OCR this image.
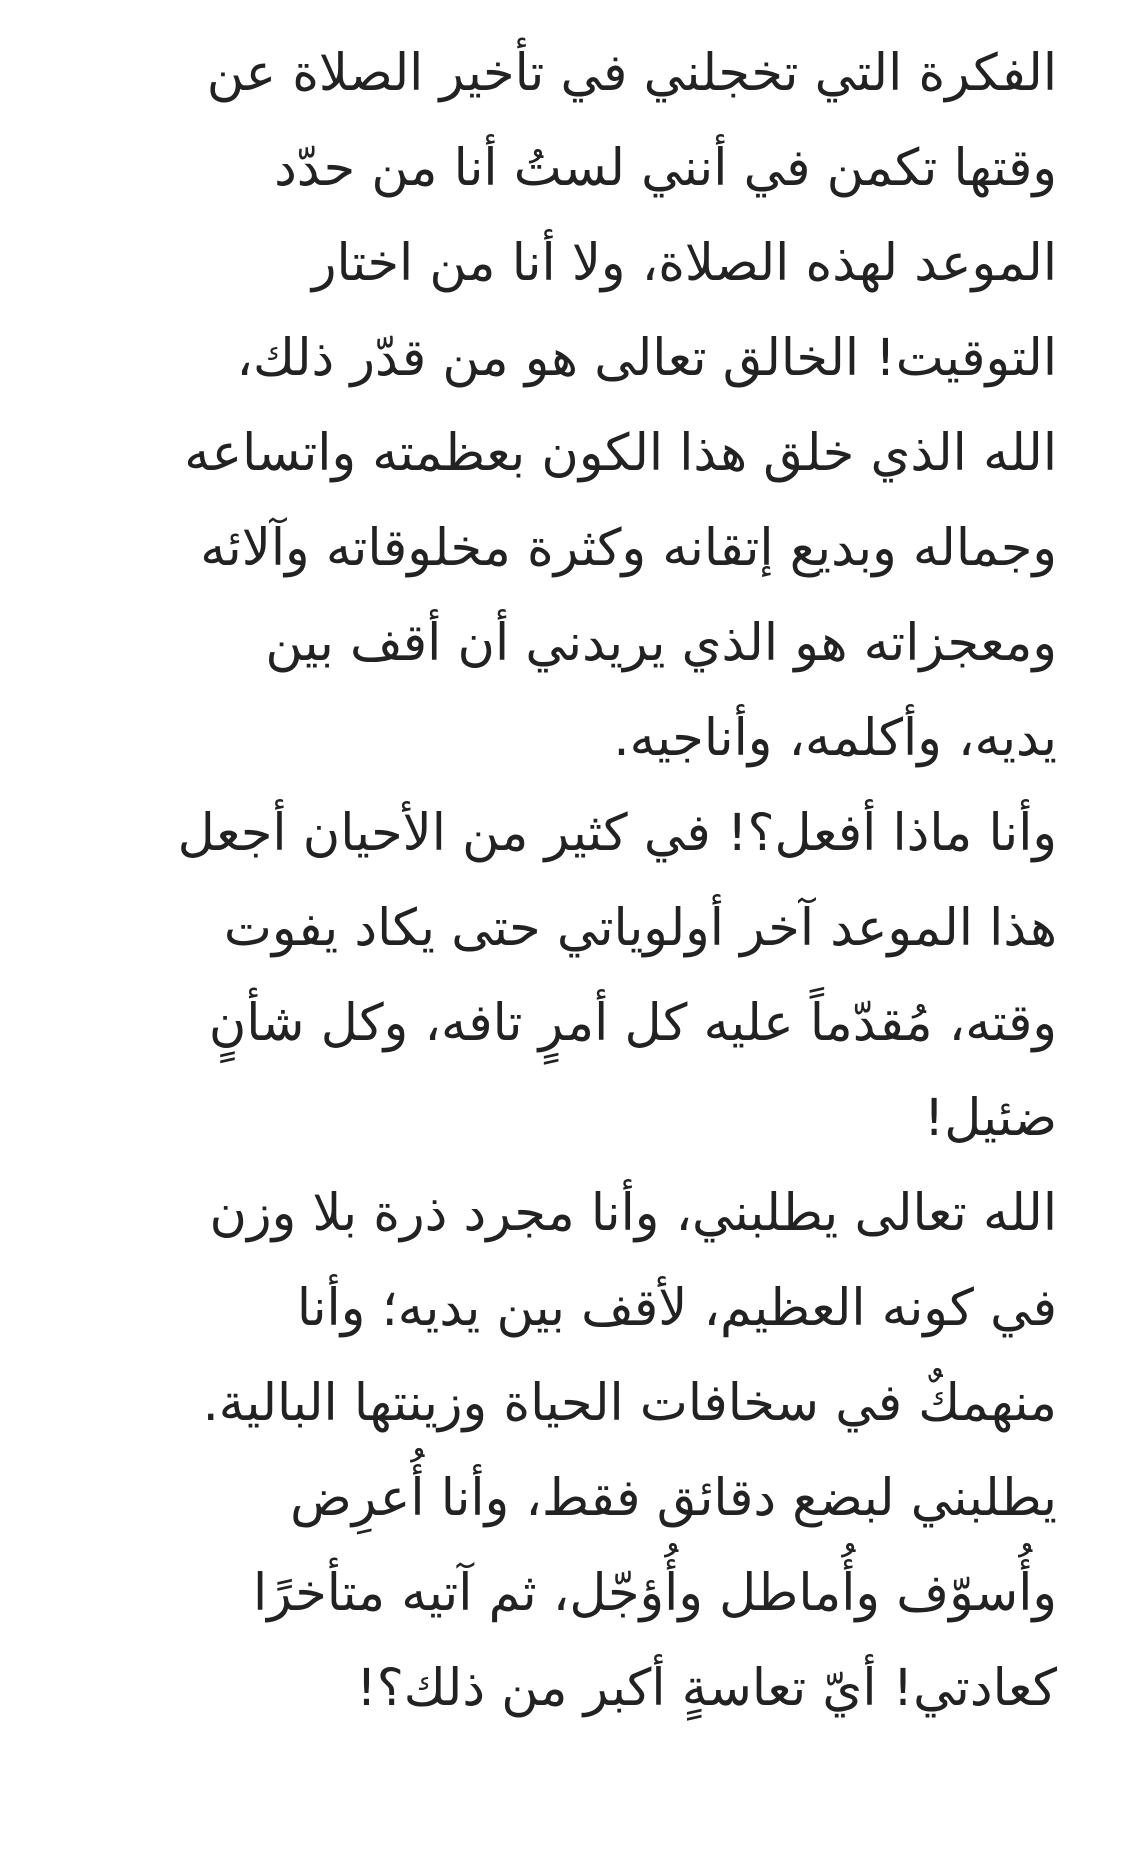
الفكرة التي تخجلني في تأخير الصلاة عن
وقتها تكمن في أنني لستُ أنا من حدّد
الموعد لهذه الصلاة، ولا أنا من اختار
التوقيت! الخالق تعالى هو من قدّر ذلك،
الله الذي خلق هذا الكون بعظمته واتساعه
وجماله وبديع إتقانه وكثرة مخلوقاته وآلائه
ومعجزاته هو الذي يريدني أن أقف بين
يديه، وأكلمه، وأناجيه.
وأنا ماذا أفعل؟! في كثير من الأحيان أجعل
هذا الموعد آخر أولوياتي حتى يكاد يفوت
وقته، مُقدّماً عليه كل أمرٍ تافه، وكل شأنٍ
ضئيل!
الله تعالى يطلبني، وأنا مجرد ذرة بلا وزن
في كونه العظيم، لأقف بين يديه؛ وأنا
منهمكٌ في سخافات الحياة وزينتها البالية.
يطلبني لبضع دقائق فقط، وأنا أُعرِض
وأُسوّف وأُماطل وأُؤجّل، ثم آتيه متأخرًا
كعادتي! أيّ تعاسةٍ أكبر من ذلك؟!
